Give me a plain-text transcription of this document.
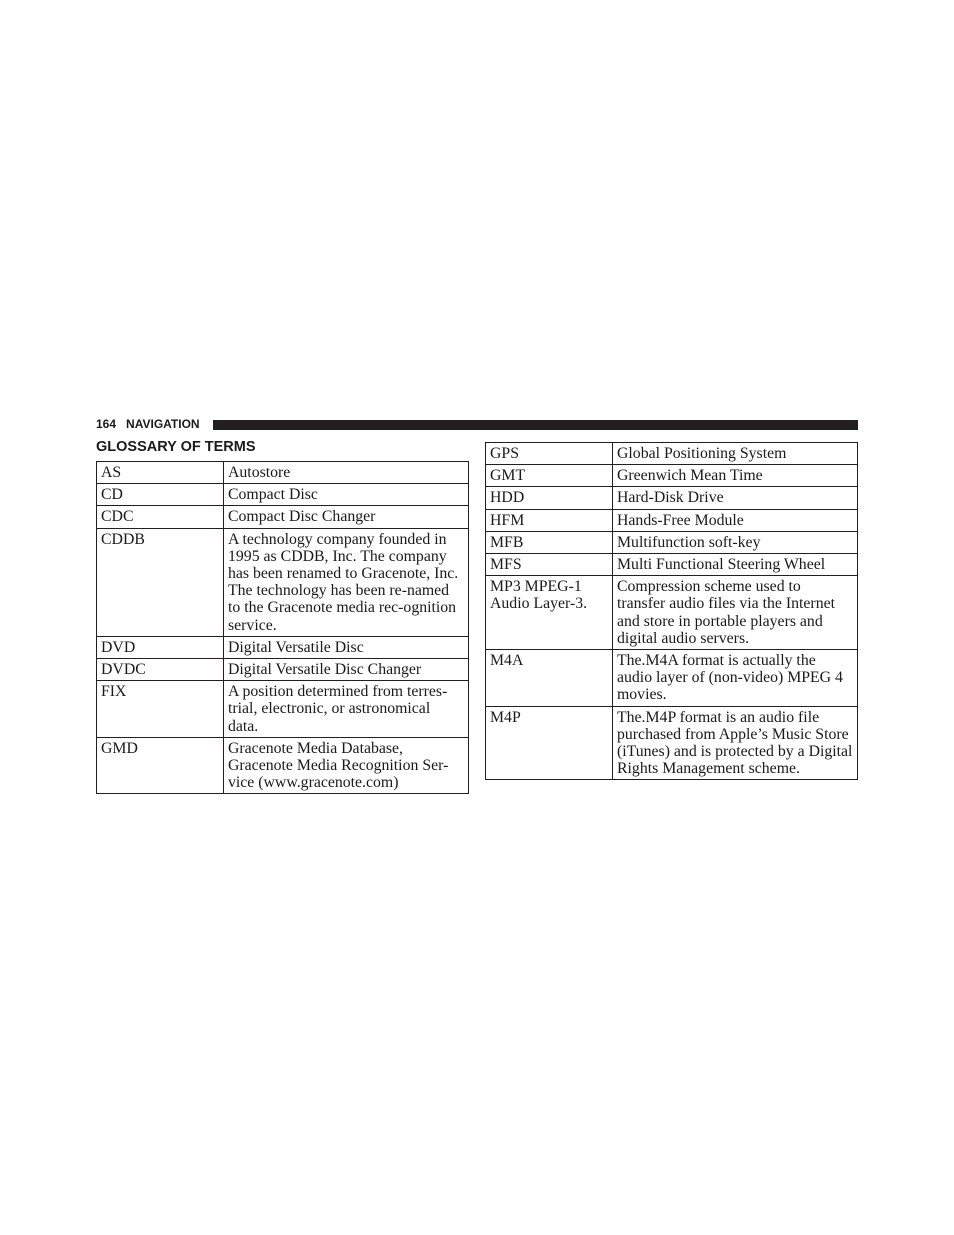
164 NAVIGATION
GLOSSARY OF TERMS
AS	Autostore
CD	Compact Disc
CDC	Compact Disc Changer
CDDB	A technology company founded in 1995 as CDDB, Inc. The company has been renamed to Gracenote, Inc. The technology has been re-named to the Gracenote media rec-ognition service.
DVD	Digital Versatile Disc
DVDC	Digital Versatile Disc Changer
FIX	A position determined from terres-trial, electronic, or astronomical data.
GMD	Gracenote Media Database, Gracenote Media Recognition Ser-vice (www.gracenote.com)
GPS	Global Positioning System
GMT	Greenwich Mean Time
HDD	Hard-Disk Drive
HFM	Hands-Free Module
MFB	Multifunction soft-key
MFS	Multi Functional Steering Wheel
MP3 MPEG-1 Audio Layer-3.	Compression scheme used to transfer audio files via the Internet and store in portable players and digital audio servers.
M4A	The.M4A format is actually the audio layer of (non-video) MPEG 4 movies.
M4P	The.M4P format is an audio file purchased from Apple’s Music Store (iTunes) and is protected by a Digital Rights Management scheme.
